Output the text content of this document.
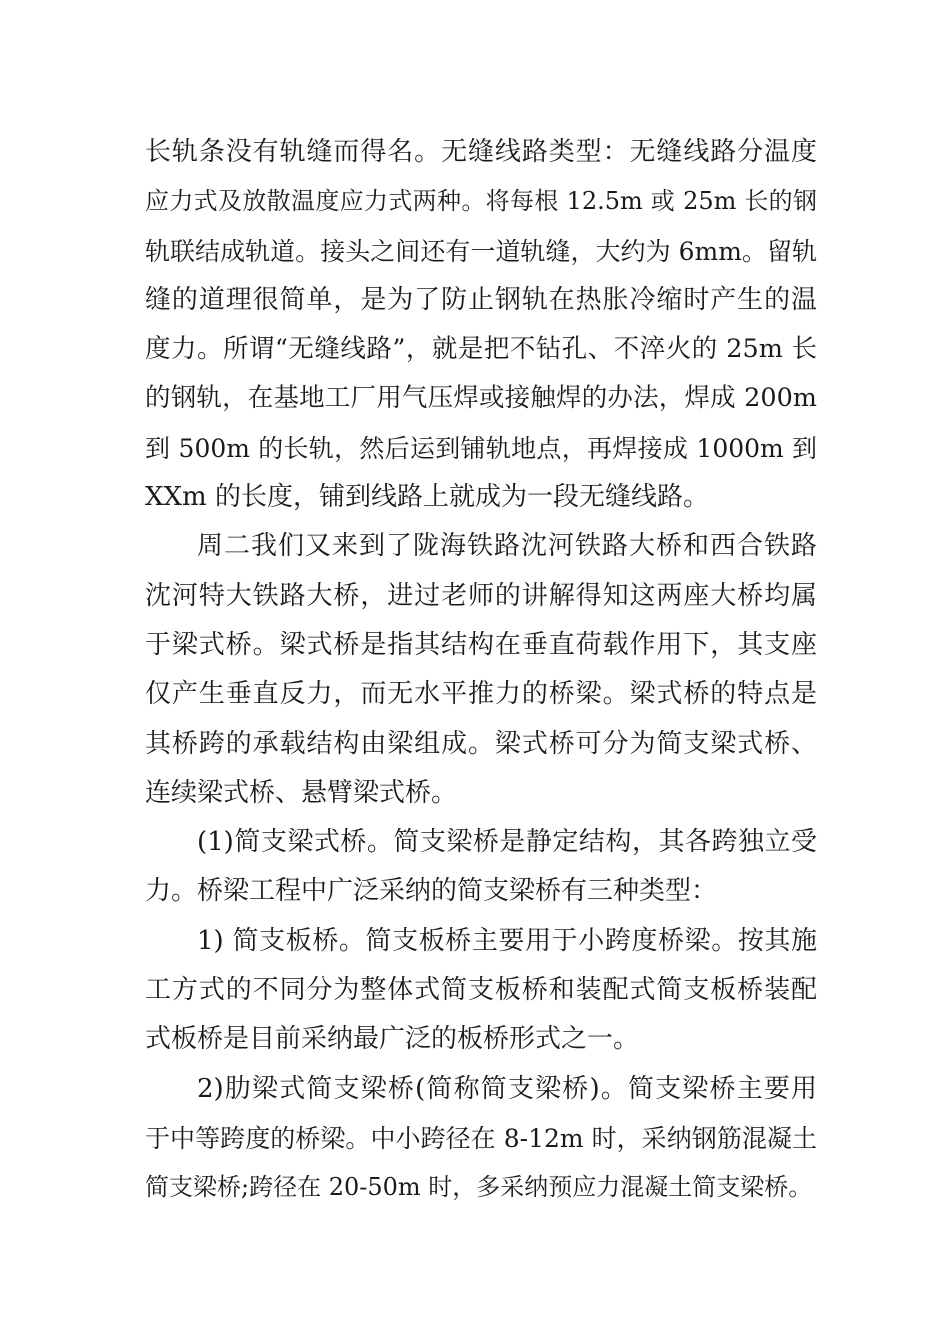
长轨条没有轨缝而得名。无缝线路类型：无缝线路分温度
应力式及放散温度应力式两种。将每根 12.5m 或 25m 长的钢
轨联结成轨道。接头之间还有一道轨缝，大约为 6mm。留轨
缝的道理很简单，是为了防止钢轨在热胀冷缩时产生的温
度力。所谓“无缝线路”，就是把不钻孔、不淬火的 25m 长
的钢轨，在基地工厂用气压焊或接触焊的办法，焊成 200m
到 500m 的长轨，然后运到铺轨地点，再焊接成 1000m 到
XXm 的长度，铺到线路上就成为一段无缝线路。
周二我们又来到了陇海铁路沈河铁路大桥和西合铁路
沈河特大铁路大桥，进过老师的讲解得知这两座大桥均属
于梁式桥。梁式桥是指其结构在垂直荷载作用下，其支座
仅产生垂直反力，而无水平推力的桥梁。梁式桥的特点是
其桥跨的承载结构由梁组成。梁式桥可分为简支梁式桥、
连续梁式桥、悬臂梁式桥。
(1)简支梁式桥。简支梁桥是静定结构，其各跨独立受
力。桥梁工程中广泛采纳的简支梁桥有三种类型：
1) 简支板桥。简支板桥主要用于小跨度桥梁。按其施
工方式的不同分为整体式简支板桥和装配式简支板桥装配
式板桥是目前采纳最广泛的板桥形式之一。
2)肋梁式简支梁桥(简称简支梁桥)。简支梁桥主要用
于中等跨度的桥梁。中小跨径在 8-12m 时，采纳钢筋混凝土
简支梁桥;跨径在 20-50m 时，多采纳预应力混凝土简支梁桥。
